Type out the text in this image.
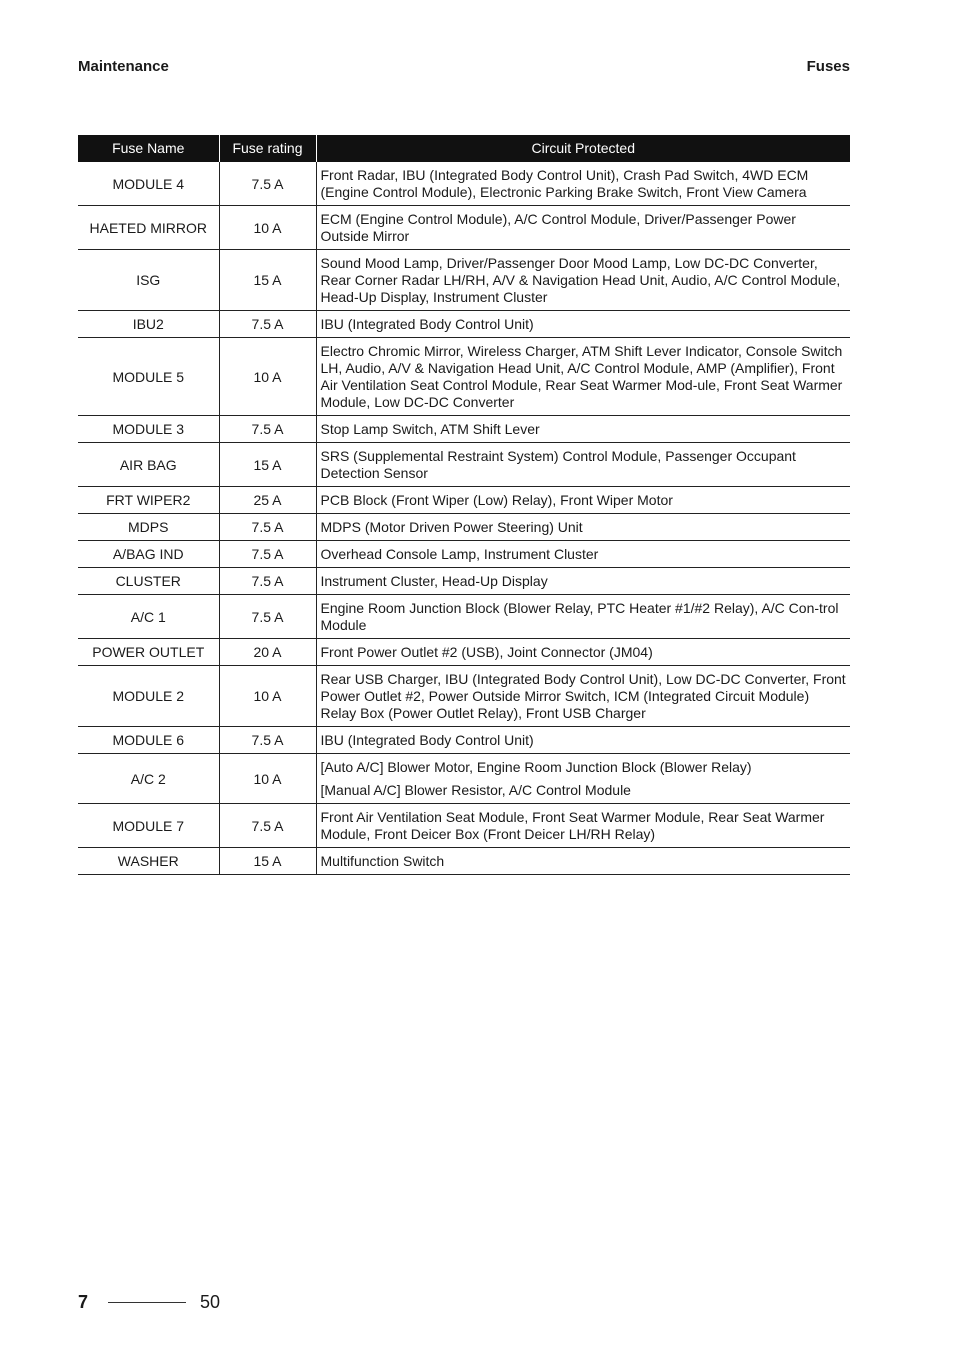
Maintenance	Fuses
Fuse Name	Fuse rating	Circuit Protected
MODULE 4	7.5 A	Front Radar, IBU (Integrated Body Control Unit), Crash Pad Switch, 4WD ECM (Engine Control Module), Electronic Parking Brake Switch, Front View Camera

HAETED MIRROR	10 A	ECM (Engine Control Module), A/C Control Module, Driver/Passenger Power Outside Mirror

ISG	15 A	Sound Mood Lamp, Driver/Passenger Door Mood Lamp, Low DC-DC Converter, Rear Corner Radar LH/RH, A/V & Navigation Head Unit, Audio, A/C Control Module, Head-Up Display, Instrument Cluster

IBU2	7.5 A	IBU (Integrated Body Control Unit)

MODULE 5	10 A	Electro Chromic Mirror, Wireless Charger, ATM Shift Lever Indicator, Console Switch LH, Audio, A/V & Navigation Head Unit, A/C Control Module, AMP (Amplifier), Front Air Ventilation Seat Control Module, Rear Seat Warmer Mod-ule, Front Seat Warmer Module, Low DC-DC Converter

MODULE 3	7.5 A	Stop Lamp Switch, ATM Shift Lever

AIR BAG	15 A	SRS (Supplemental Restraint System) Control Module, Passenger Occupant Detection Sensor

FRT WIPER2	25 A	PCB Block (Front Wiper (Low) Relay), Front Wiper Motor

MDPS	7.5 A	MDPS (Motor Driven Power Steering) Unit

A/BAG IND	7.5 A	Overhead Console Lamp, Instrument Cluster

CLUSTER	7.5 A	Instrument Cluster, Head-Up Display

A/C 1	7.5 A	Engine Room Junction Block (Blower Relay, PTC Heater #1/#2 Relay), A/C Con-trol Module

POWER OUTLET	20 A	Front Power Outlet #2 (USB), Joint Connector (JM04)

MODULE 2	10 A	Rear USB Charger, IBU (Integrated Body Control Unit), Low DC-DC Converter, Front Power Outlet #2, Power Outside Mirror Switch, ICM (Integrated Circuit Module) Relay Box (Power Outlet Relay), Front USB Charger

MODULE 6	7.5 A	IBU (Integrated Body Control Unit)

A/C 2	10 A	[Auto A/C] Blower Motor, Engine Room Junction Block (Blower Relay)
[Manual A/C] Blower Resistor, A/C Control Module

MODULE 7	7.5 A	Front Air Ventilation Seat Module, Front Seat Warmer Module, Rear Seat Warmer Module, Front Deicer Box (Front Deicer LH/RH Relay)

WASHER	15 A	Multifunction Switch
7	50
